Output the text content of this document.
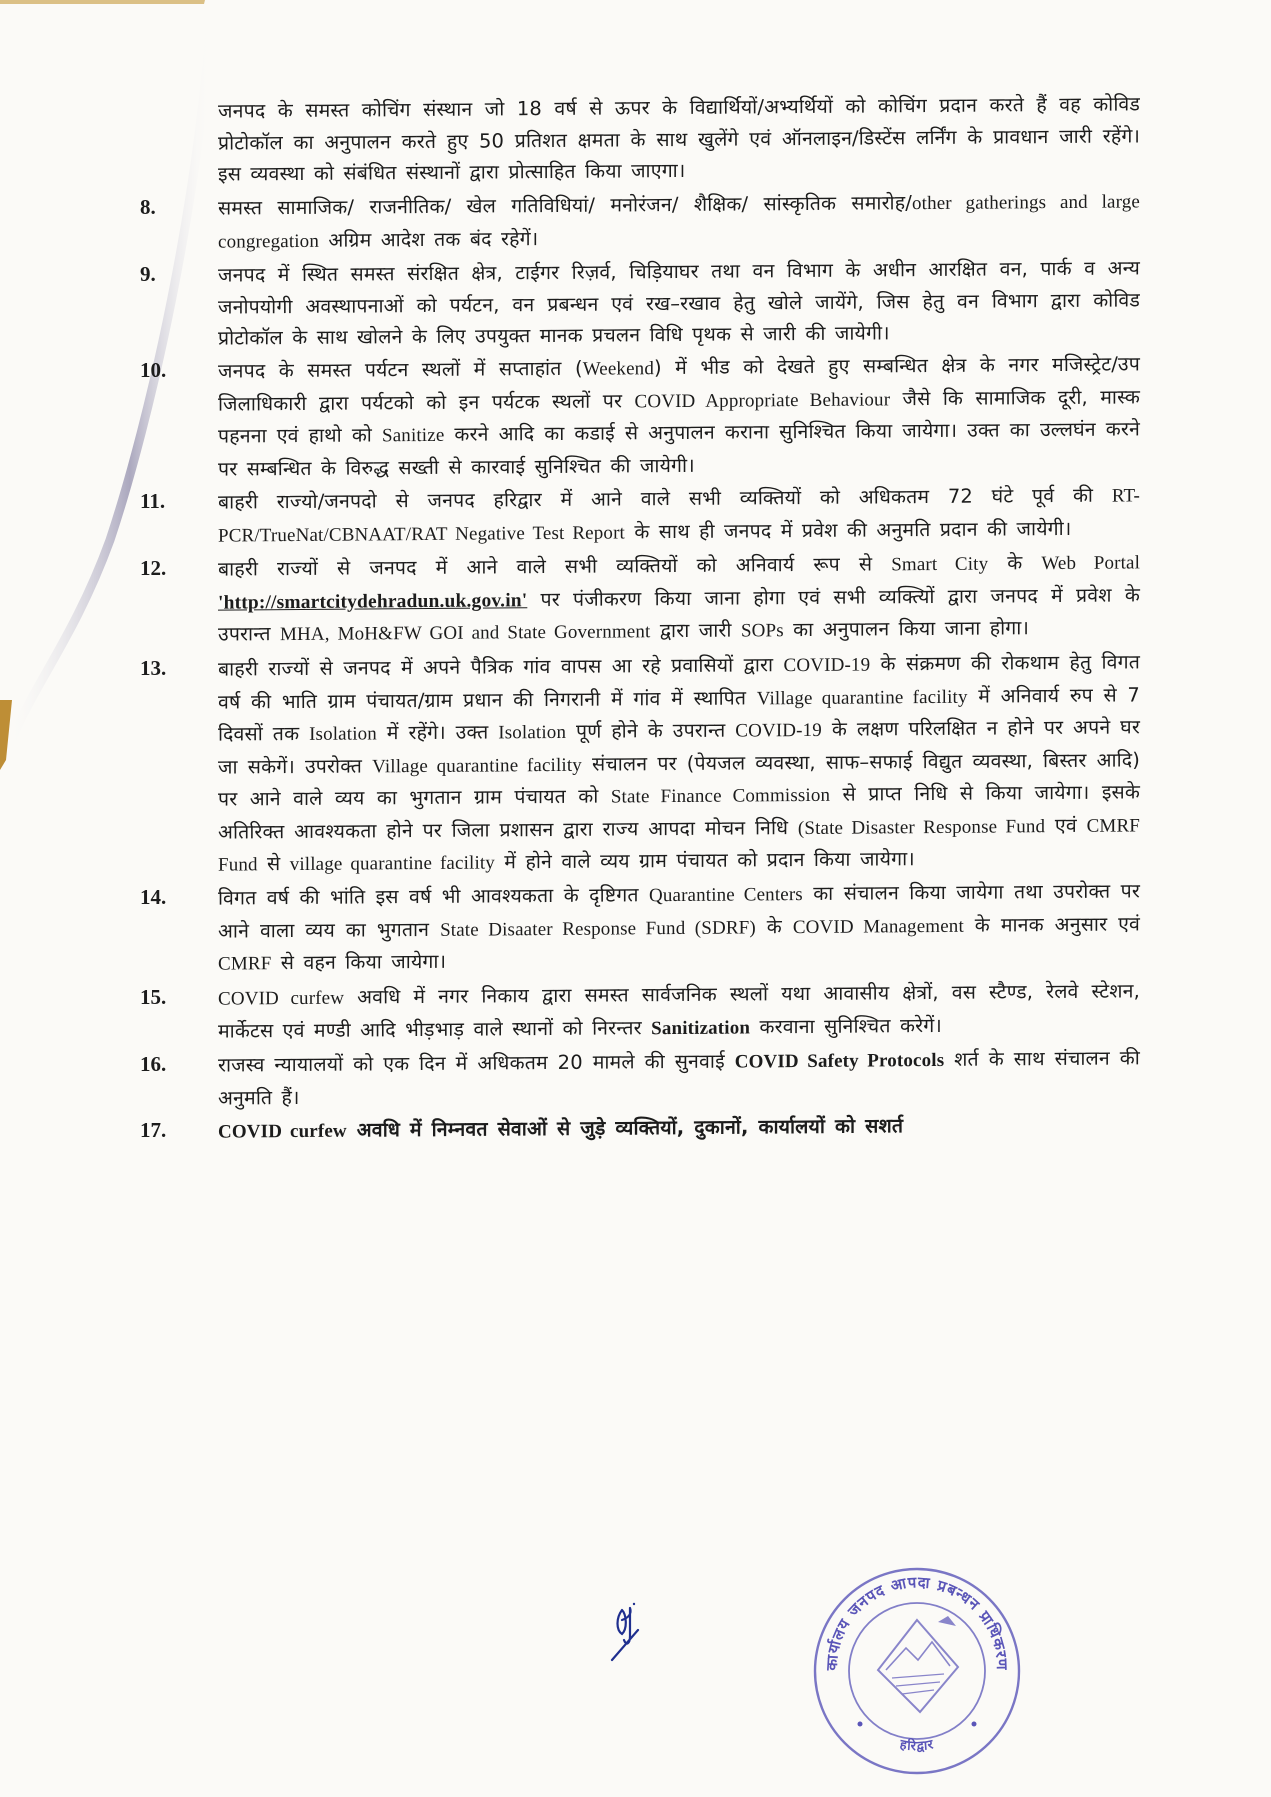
जनपद के समस्त कोचिंग संस्थान जो 18 वर्ष से ऊपर के विद्यार्थियों/अभ्यर्थियों को कोचिंग प्रदान करते हैं वह कोविड प्रोटोकॉल का अनुपालन करते हुए 50 प्रतिशत क्षमता के साथ खुलेंगे एवं ऑनलाइन/डिस्टेंस लर्निंग के प्रावधान जारी रहेंगे। इस व्यवस्था को संबंधित संस्थानों द्वारा प्रोत्साहित किया जाएगा।
8.	समस्त सामाजिक/ राजनीतिक/ खेल गतिविधियां/ मनोरंजन/ शैक्षिक/ सांस्कृतिक समारोह/other gatherings and large congregation अग्रिम आदेश तक बंद रहेगें।
9.	जनपद में स्थित समस्त संरक्षित क्षेत्र, टाईगर रिज़र्व, चिड़ियाघर तथा वन विभाग के अधीन आरक्षित वन, पार्क व अन्य जनोपयोगी अवस्थापनाओं को पर्यटन, वन प्रबन्धन एवं रख–रखाव हेतु खोले जायेंगे, जिस हेतु वन विभाग द्वारा कोविड प्रोटोकॉल के साथ खोलने के लिए उपयुक्त मानक प्रचलन विधि पृथक से जारी की जायेगी।
10.	जनपद के समस्त पर्यटन स्थलों में सप्ताहांत (Weekend) में भीड को देखते हुए सम्बन्धित क्षेत्र के नगर मजिस्ट्रेट/उप जिलाधिकारी द्वारा पर्यटको को इन पर्यटक स्थलों पर COVID Appropriate Behaviour जैसे कि सामाजिक दूरी, मास्क पहनना एवं हाथो को Sanitize करने आदि का कडाई से अनुपालन कराना सुनिश्चित किया जायेगा। उक्त का उल्लघंन करने पर सम्बन्धित के विरुद्ध सख्ती से कारवाई सुनिश्चित की जायेगी।
11.	बाहरी राज्यो/जनपदो से जनपद हरिद्वार में आने वाले सभी व्यक्तियों को अधिकतम 72 घंटे पूर्व की RT-PCR/TrueNat/CBNAAT/RAT Negative Test Report के साथ ही जनपद में प्रवेश की अनुमति प्रदान की जायेगी।
12.	बाहरी राज्यों से जनपद में आने वाले सभी व्यक्तियों को अनिवार्य रूप से Smart City के Web Portal 'http://smartcitydehradun.uk.gov.in' पर पंजीकरण किया जाना होगा एवं सभी व्यक्त्यिों द्वारा जनपद में प्रवेश के उपरान्त MHA, MoH&FW GOI and State Government द्वारा जारी SOPs का अनुपालन किया जाना होगा।
13.	बाहरी राज्यों से जनपद में अपने पैत्रिक गांव वापस आ रहे प्रवासियों द्वारा COVID-19 के संक्रमण की रोकथाम हेतु विगत वर्ष की भाति ग्राम पंचायत/ग्राम प्रधान की निगरानी में गांव में स्थापित Village quarantine facility में अनिवार्य रुप से 7 दिवसों तक Isolation में रहेंगे। उक्त Isolation पूर्ण होने के उपरान्त COVID-19 के लक्षण परिलक्षित न होने पर अपने घर जा सकेगें। उपरोक्त Village quarantine facility संचालन पर (पेयजल व्यवस्था, साफ–सफाई विद्युत व्यवस्था, बिस्तर आदि) पर आने वाले व्यय का भुगतान ग्राम पंचायत को State Finance Commission से प्राप्त निधि से किया जायेगा। इसके अतिरिक्त आवश्यकता होने पर जिला प्रशासन द्वारा राज्य आपदा मोचन निधि (State Disaster Response Fund एवं CMRF Fund से village quarantine facility में होने वाले व्यय ग्राम पंचायत को प्रदान किया जायेगा।
14.	विगत वर्ष की भांति इस वर्ष भी आवश्यकता के दृष्टिगत Quarantine Centers का संचालन किया जायेगा तथा उपरोक्त पर आने वाला व्यय का भुगतान State Disaater Response Fund (SDRF) के COVID Management के मानक अनुसार एवं CMRF से वहन किया जायेगा।
15.	COVID curfew अवधि में नगर निकाय द्वारा समस्त सार्वजनिक स्थलों यथा आवासीय क्षेत्रों, वस स्टैण्ड, रेलवे स्टेशन, मार्केटस एवं मण्डी आदि भीड़भाड़ वाले स्थानों को निरन्तर Sanitization करवाना सुनिश्चित करेगें।
16.	राजस्व न्यायालयों को एक दिन में अधिकतम 20 मामले की सुनवाई COVID Safety Protocols शर्त के साथ संचालन की अनुमति हैं।
17.	COVID curfew अवधि में निम्नवत सेवाओं से जुड़े व्यक्तियों, दुकानों, कार्यालयों को सशर्त
कार्यालय जनपद आपदा प्रबन्धन प्राधिकरण
हरिद्वार
